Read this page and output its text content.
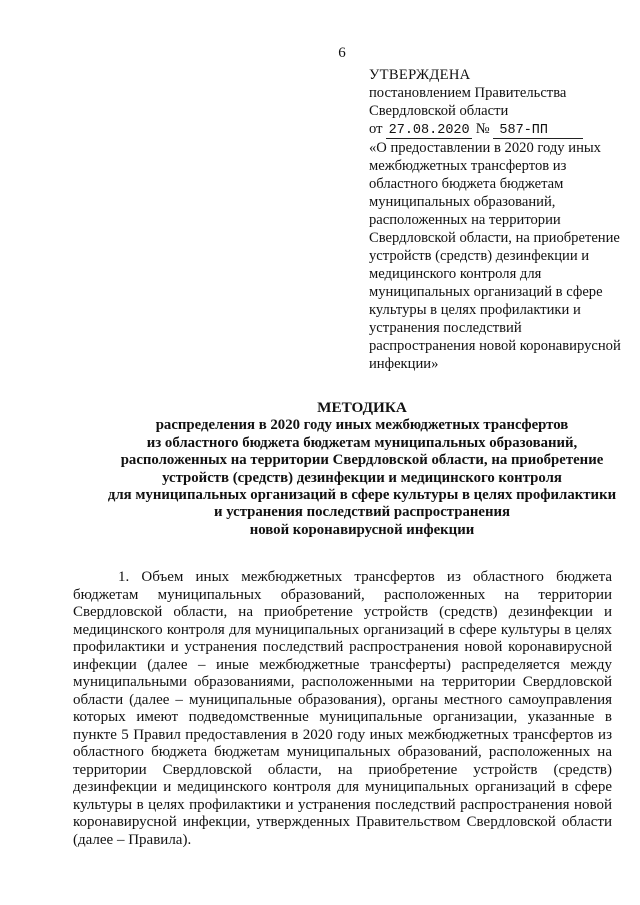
6
УТВЕРЖДЕНА
постановлением Правительства
Свердловской области
от 27.08.2020 № 587-ПП
«О предоставлении в 2020 году иных межбюджетных трансфертов из областного бюджета бюджетам муниципальных образований, расположенных на территории Свердловской области, на приобретение устройств (средств) дезинфекции и медицинского контроля для муниципальных организаций в сфере культуры в целях профилактики и устранения последствий распространения новой коронавирусной инфекции»
МЕТОДИКА
распределения в 2020 году иных межбюджетных трансфертов
из областного бюджета бюджетам муниципальных образований,
расположенных на территории Свердловской области, на приобретение
устройств (средств) дезинфекции и медицинского контроля
для муниципальных организаций в сфере культуры в целях профилактики
и устранения последствий распространения
новой коронавирусной инфекции
1. Объем иных межбюджетных трансфертов из областного бюджета бюджетам муниципальных образований, расположенных на территории Свердловской области, на приобретение устройств (средств) дезинфекции и медицинского контроля для муниципальных организаций в сфере культуры в целях профилактики и устранения последствий распространения новой коронавирусной инфекции (далее – иные межбюджетные трансферты) распределяется между муниципальными образованиями, расположенными на территории Свердловской области (далее – муниципальные образования), органы местного самоуправления которых имеют подведомственные муниципальные организации, указанные в пункте 5 Правил предоставления в 2020 году иных межбюджетных трансфертов из областного бюджета бюджетам муниципальных образований, расположенных на территории Свердловской области, на приобретение устройств (средств) дезинфекции и медицинского контроля для муниципальных организаций в сфере культуры в целях профилактики и устранения последствий распространения новой коронавирусной инфекции, утвержденных Правительством Свердловской области (далее – Правила).
